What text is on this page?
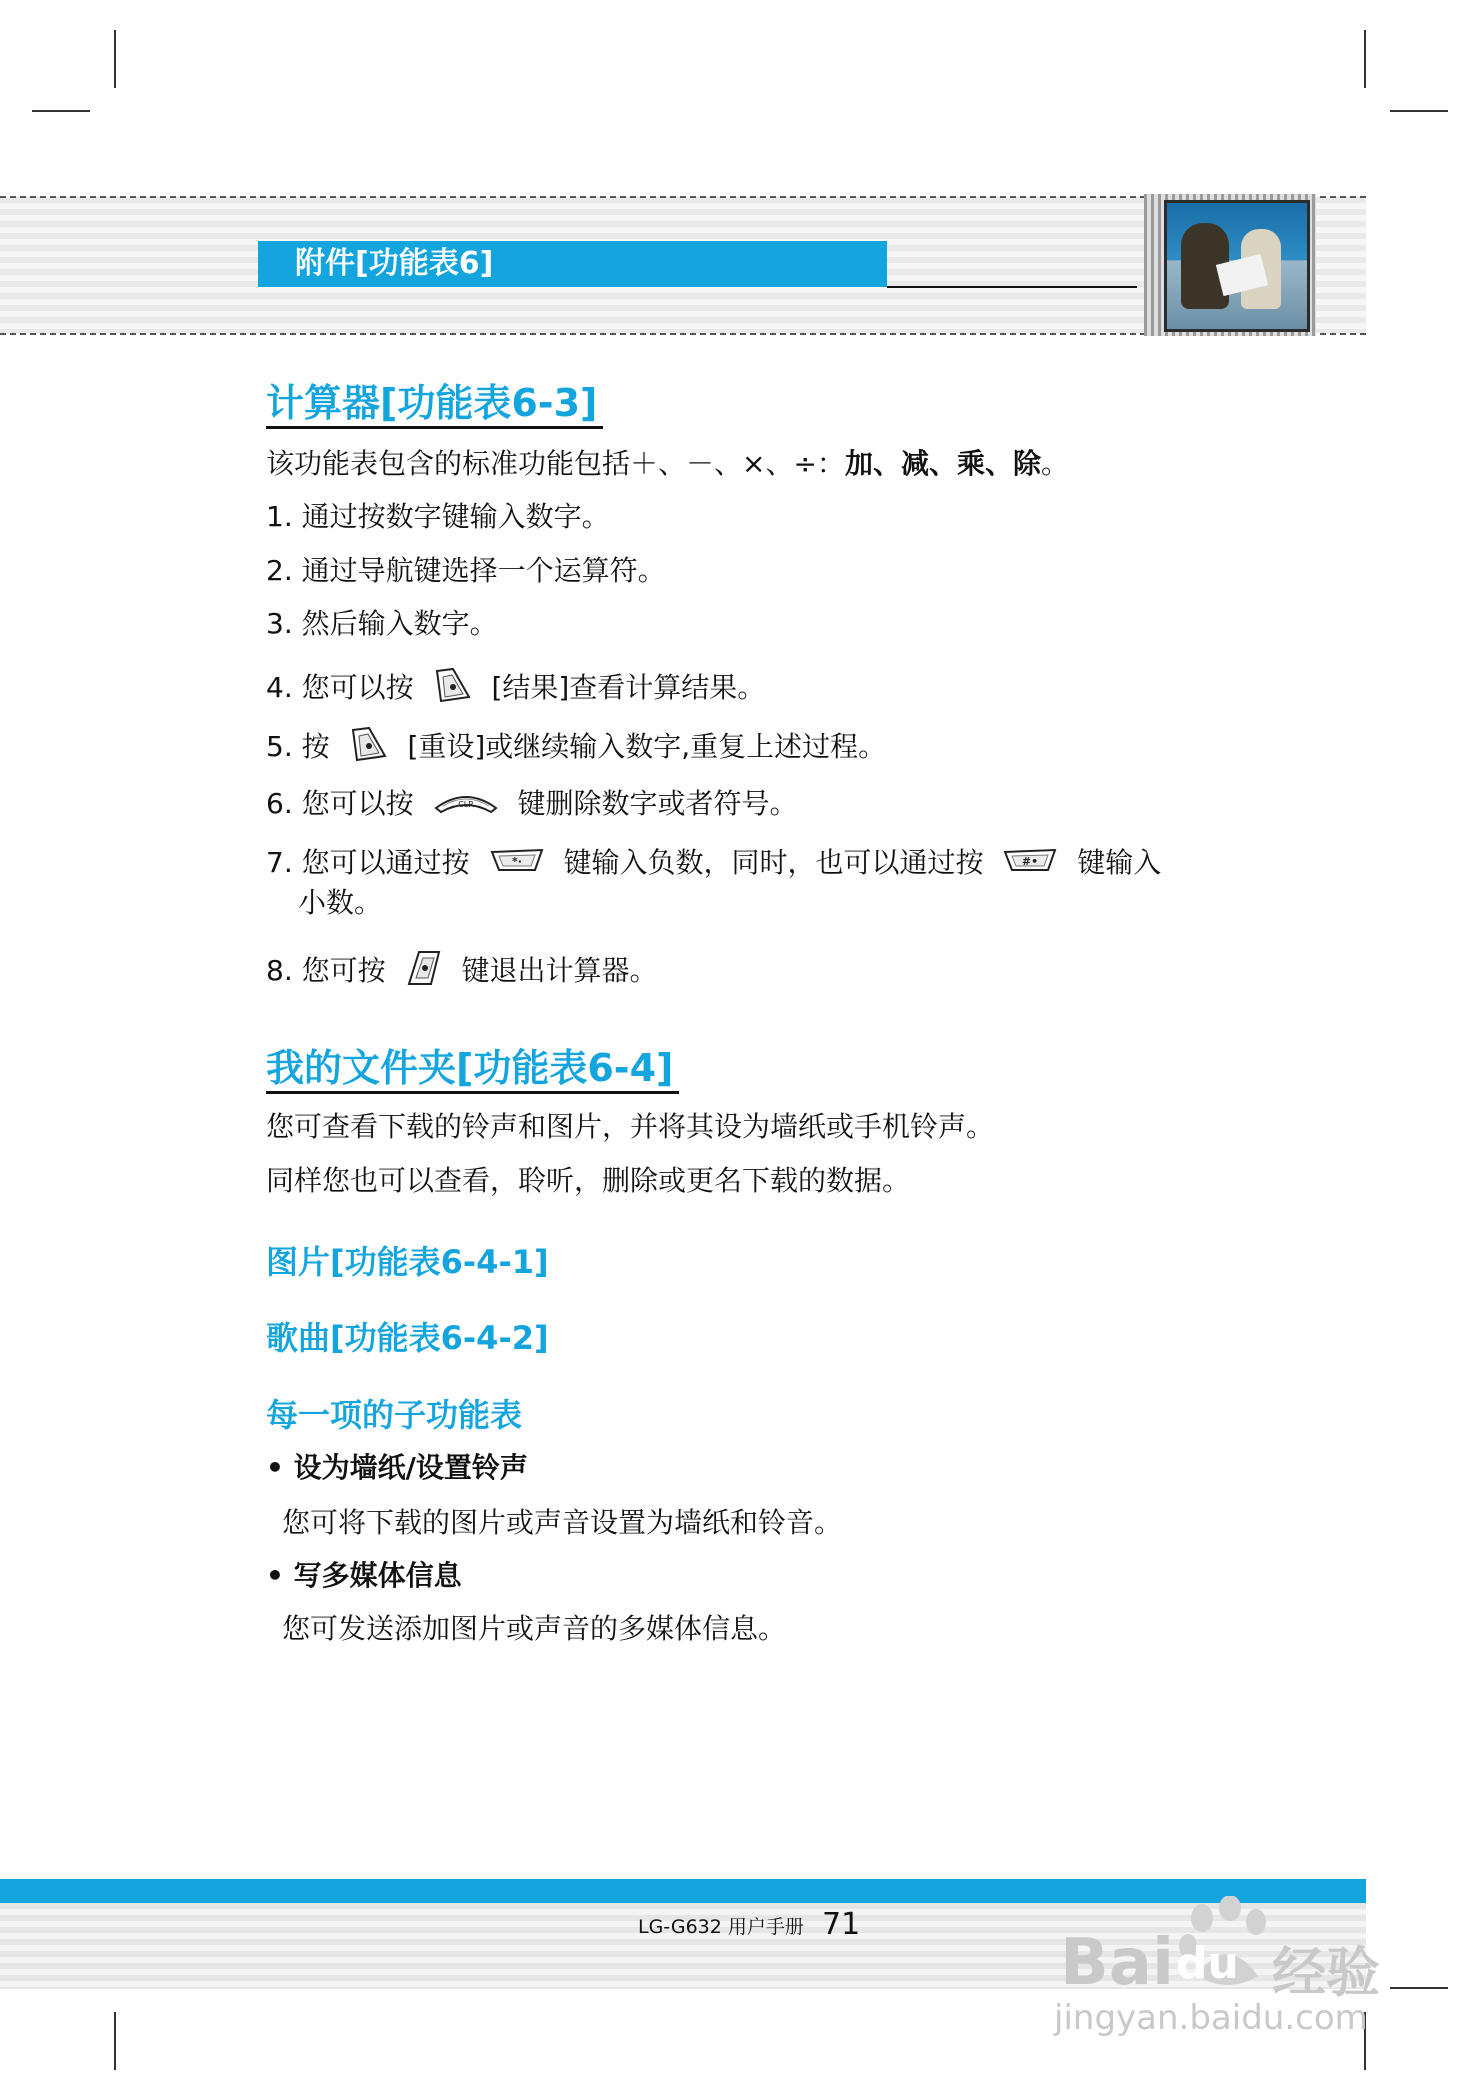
附件[功能表6]
计算器[功能表6-3]
该功能表包含的标准功能包括＋、－、×、÷：加、减、乘、除。
1. 通过按数字键输入数字。
2. 通过导航键选择一个运算符。
3. 然后输入数字。
4. 您可以按	[结果]查看计算结果。
5. 按	[重设]或继续输入数字,重复上述过程。
6. 您可以按	CLR 键删除数字或者符号。
7. 您可以通过按	*· 键输入负数，同时，也可以通过按	#• 键输入
小数。
8. 您可按	键退出计算器。
我的文件夹[功能表6-4]
您可查看下载的铃声和图片，并将其设为墙纸或手机铃声。
同样您也可以查看，聆听，删除或更名下载的数据。
图片[功能表6-4-1]
歌曲[功能表6-4-2]
每一项的子功能表
• 设为墙纸/设置铃声
您可将下载的图片或声音设置为墙纸和铃音。
• 写多媒体信息
您可发送添加图片或声音的多媒体信息。
LG-G632 用户手册 71
Bai du 经验
jingyan.baidu.com
